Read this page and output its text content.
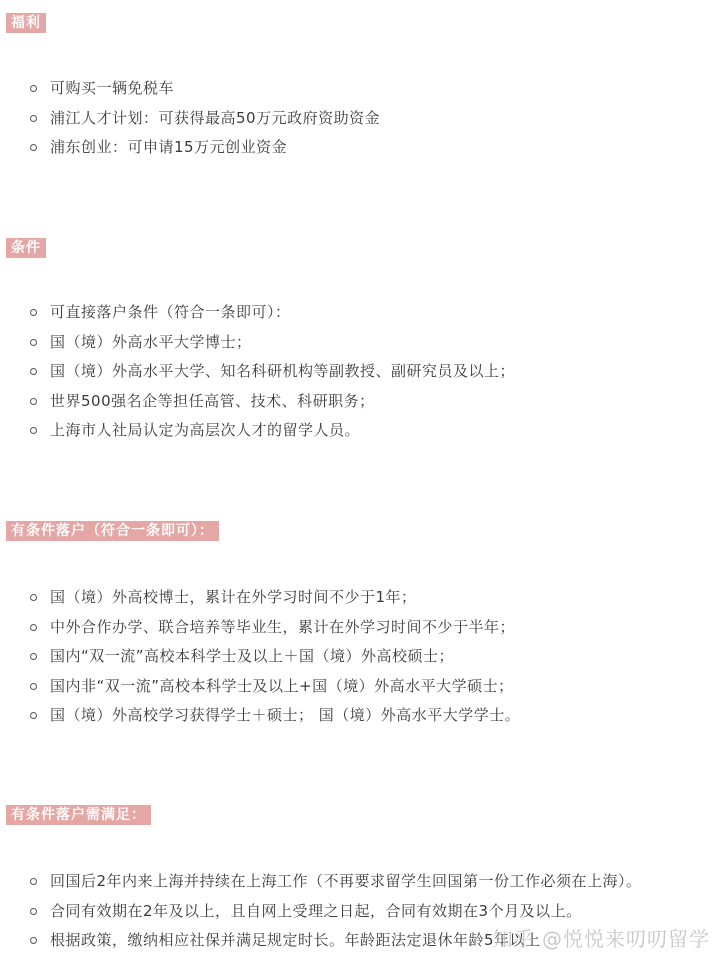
福利
可购买一辆免税车
浦江人才计划：可获得最高50万元政府资助资金
浦东创业：可申请15万元创业资金
条件
可直接落户条件（符合一条即可）：
国（境）外高水平大学博士；
国（境）外高水平大学、知名科研机构等副教授、副研究员及以上；
世界500强名企等担任高管、技术、科研职务；
上海市人社局认定为高层次人才的留学人员。
有条件落户（符合一条即可）：
国（境）外高校博士，累计在外学习时间不少于1年；
中外合作办学、联合培养等毕业生，累计在外学习时间不少于半年；
国内“双一流”高校本科学士及以上＋国（境）外高校硕士；
国内非“双一流”高校本科学士及以上+国（境）外高水平大学硕士；
国（境）外高校学习获得学士＋硕士； 国（境）外高水平大学学士。
有条件落户需满足：
回国后2年内来上海并持续在上海工作（不再要求留学生回国第一份工作必须在上海）。
合同有效期在2年及以上，且自网上受理之日起，合同有效期在3个月及以上。
根据政策，缴纳相应社保并满足规定时长。年龄距法定退休年龄5年以上
知乎 @悦悦来叨叨留学
